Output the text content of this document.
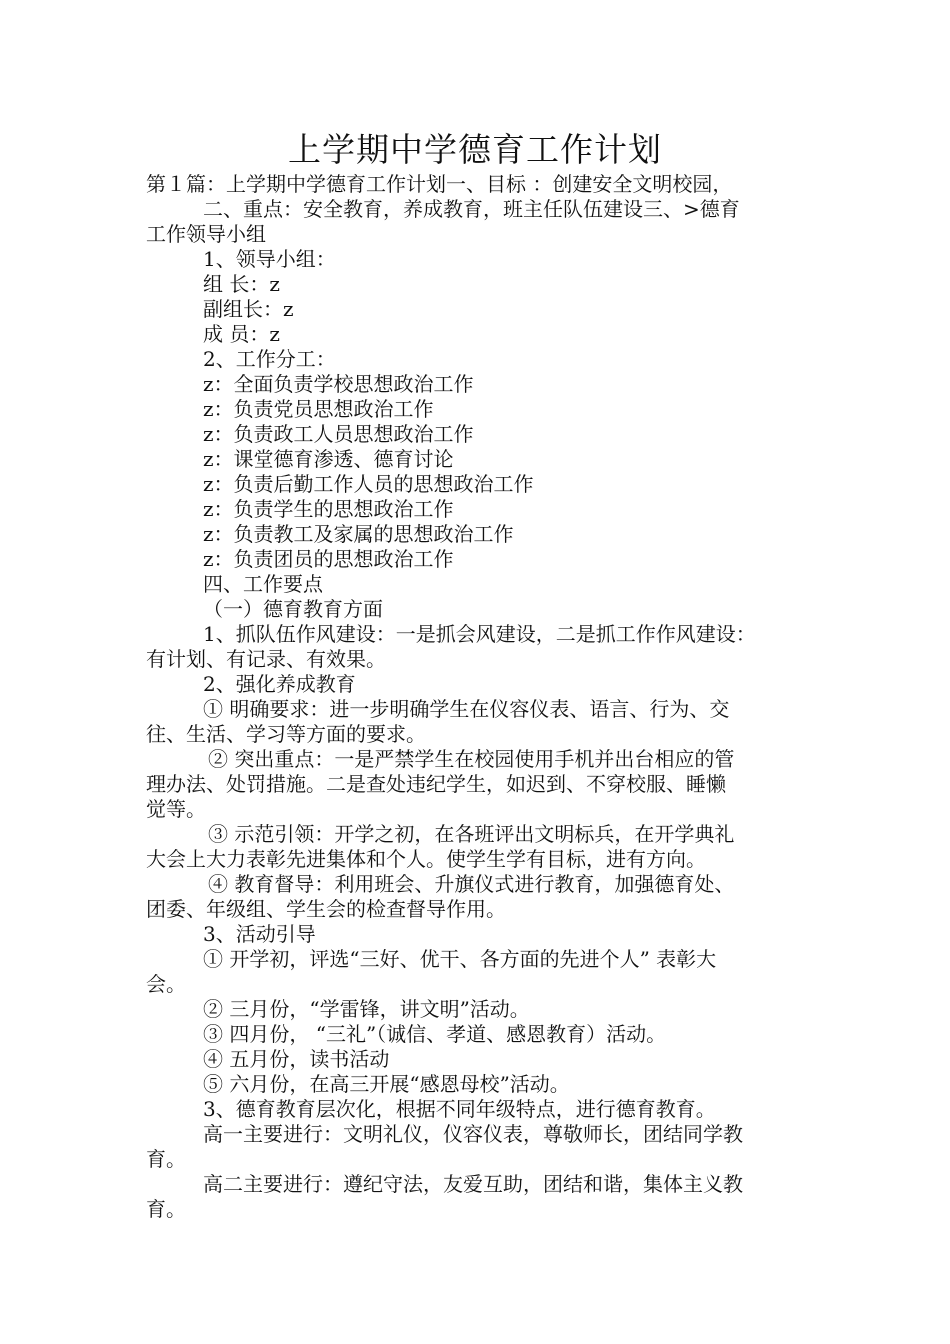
上学期中学德育工作计划

第１篇：上学期中学德育工作计划一、目标 ：创建安全文明校园，

二、重点：安全教育，养成教育，班主任队伍建设三、>德育

工作领导小组

1、领导小组：

组 长：z

副组长：z

成 员：z

2、工作分工：

z：全面负责学校思想政治工作

z：负责党员思想政治工作

z：负责政工人员思想政治工作

z：课堂德育渗透、德育讨论

z：负责后勤工作人员的思想政治工作

z：负责学生的思想政治工作

z：负责教工及家属的思想政治工作

z：负责团员的思想政治工作

四、工作要点

（一）德育教育方面

1、抓队伍作风建设：一是抓会风建设，二是抓工作作风建设：

有计划、有记录、有效果。

2、强化养成教育

① 明确要求：进一步明确学生在仪容仪表、语言、行为、交

往、生活、学习等方面的要求。

② 突出重点：一是严禁学生在校园使用手机并出台相应的管

理办法、处罚措施。二是查处违纪学生，如迟到、不穿校服、睡懒

觉等。

③ 示范引领：开学之初，在各班评出文明标兵，在开学典礼

大会上大力表彰先进集体和个人。使学生学有目标，进有方向。

④ 教育督导：利用班会、升旗仪式进行教育，加强德育处、

团委、年级组、学生会的检查督导作用。

3、活动引导

① 开学初，评选“三好、优干、各方面的先进个人” 表彰大

会。

② 三月份，“学雷锋，讲文明”活动。

③ 四月份， “三礼”（诚信、孝道、感恩教育）活动。

④ 五月份，读书活动

⑤ 六月份，在高三开展“感恩母校”活动。

3、德育教育层次化，根据不同年级特点，进行德育教育。

高一主要进行：文明礼仪，仪容仪表，尊敬师长，团结同学教

育。

高二主要进行：遵纪守法，友爱互助，团结和谐，集体主义教

育。
